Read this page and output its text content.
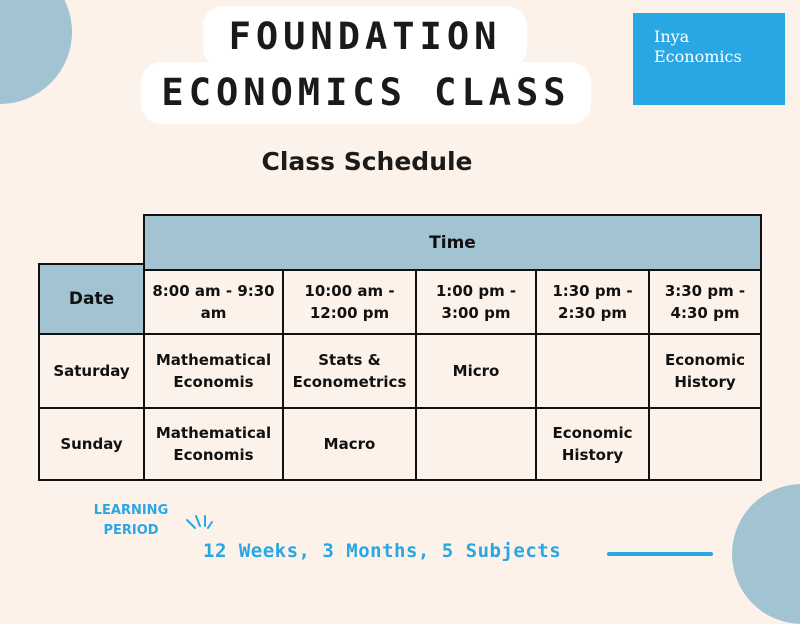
FOUNDATION
ECONOMICS CLASS
Inya
Economics
Class Schedule
Time
Date	8:00 am - 9:30 am
10:00 am - 12:00 pm
1:00 pm - 3:00 pm
1:30 pm - 2:30 pm
3:30 pm - 4:30 pm
Saturday
Mathematical Economis
Stats & Econometrics
Micro
Economic History
Sunday
Mathematical Economis
Macro
Economic History
LEARNING PERIOD
12 Weeks, 3 Months, 5 Subjects
